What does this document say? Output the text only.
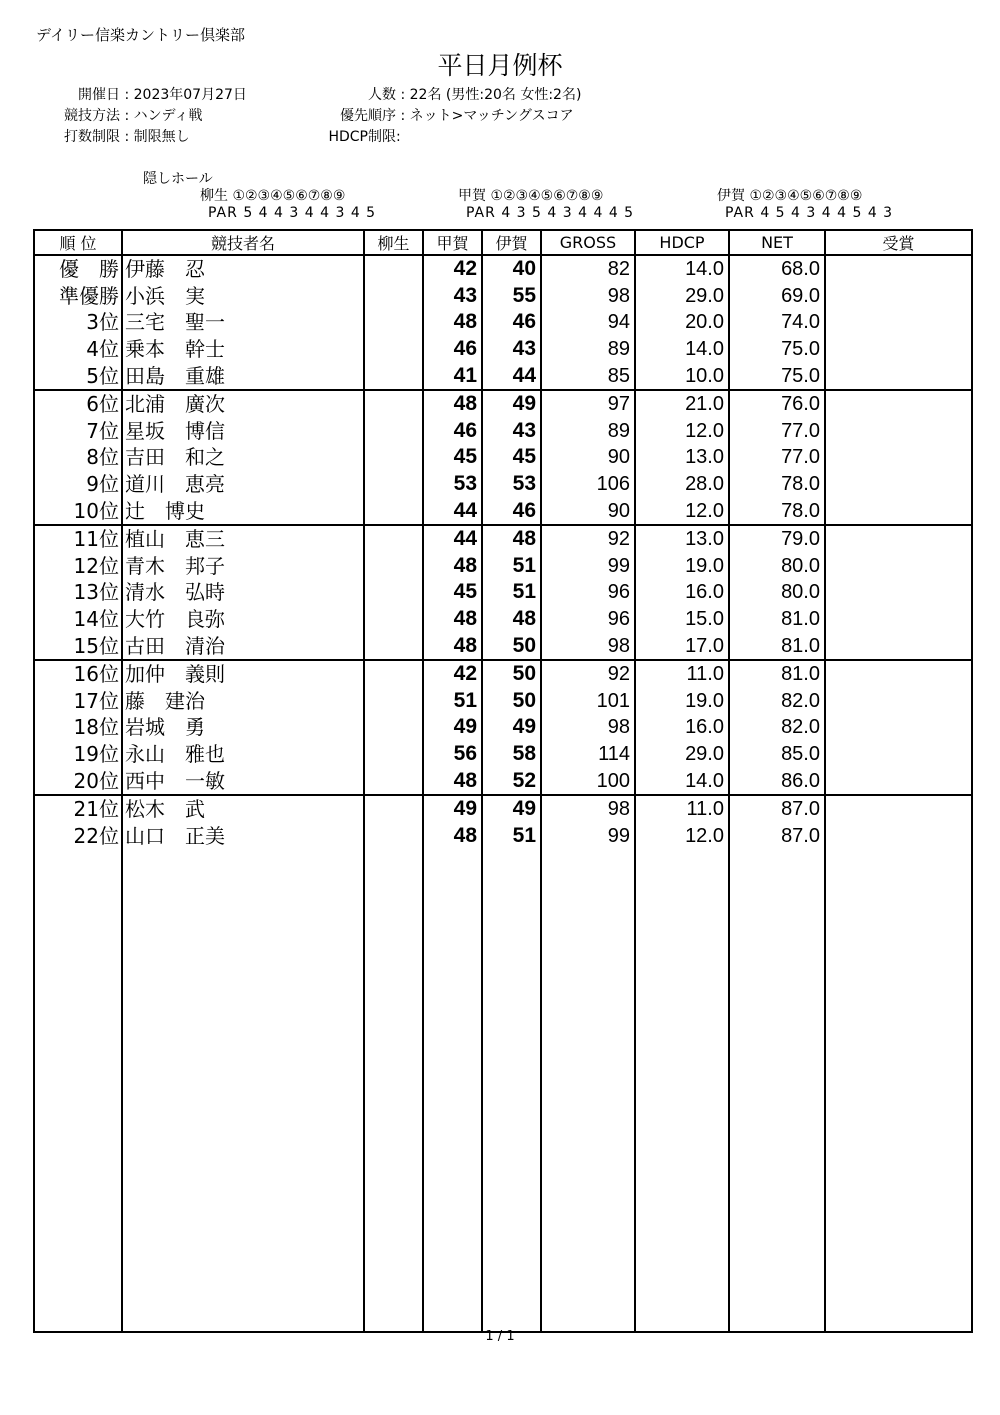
デイリー信楽カントリー倶楽部
平日月例杯
開催日 : 2023年07月27日
競技方法 : ハンディ戦
打数制限 : 制限無し
人数 : 22名 (男性:20名 女性:2名)
優先順序 : ネット>マッチングスコア
HDCP制限:
隠しホール
柳生 ①②③④⑤⑥⑦⑧⑨
PAR 5 4 4 3 4 4 3 4 5
甲賀 ①②③④⑤⑥⑦⑧⑨
PAR 4 3 5 4 3 4 4 4 5
伊賀 ①②③④⑤⑥⑦⑧⑨
PAR 4 5 4 3 4 4 5 4 3
順 位	競技者名	柳生	甲賀	伊賀	GROSS	HDCP	NET	受賞
優　勝	伊藤　忍		42	40	82	14.0	68.0	
準優勝	小浜　実		43	55	98	29.0	69.0	
3位	三宅　聖一		48	46	94	20.0	74.0	
4位	乗本　幹士		46	43	89	14.0	75.0	
5位	田島　重雄		41	44	85	10.0	75.0	
6位	北浦　廣次		48	49	97	21.0	76.0	
7位	星坂　博信		46	43	89	12.0	77.0	
8位	吉田　和之		45	45	90	13.0	77.0	
9位	道川　恵亮		53	53	106	28.0	78.0	
10位	辻　博史		44	46	90	12.0	78.0	
11位	植山　恵三		44	48	92	13.0	79.0	
12位	青木　邦子		48	51	99	19.0	80.0	
13位	清水　弘時		45	51	96	16.0	80.0	
14位	大竹　良弥		48	48	96	15.0	81.0	
15位	古田　清治		48	50	98	17.0	81.0	
16位	加仲　義則		42	50	92	11.0	81.0	
17位	藤　建治		51	50	101	19.0	82.0	
18位	岩城　勇		49	49	98	16.0	82.0	
19位	永山　雅也		56	58	114	29.0	85.0	
20位	西中　一敏		48	52	100	14.0	86.0	
21位	松木　武		49	49	98	11.0	87.0	
22位	山口　正美		48	51	99	12.0	87.0	

1 / 1
